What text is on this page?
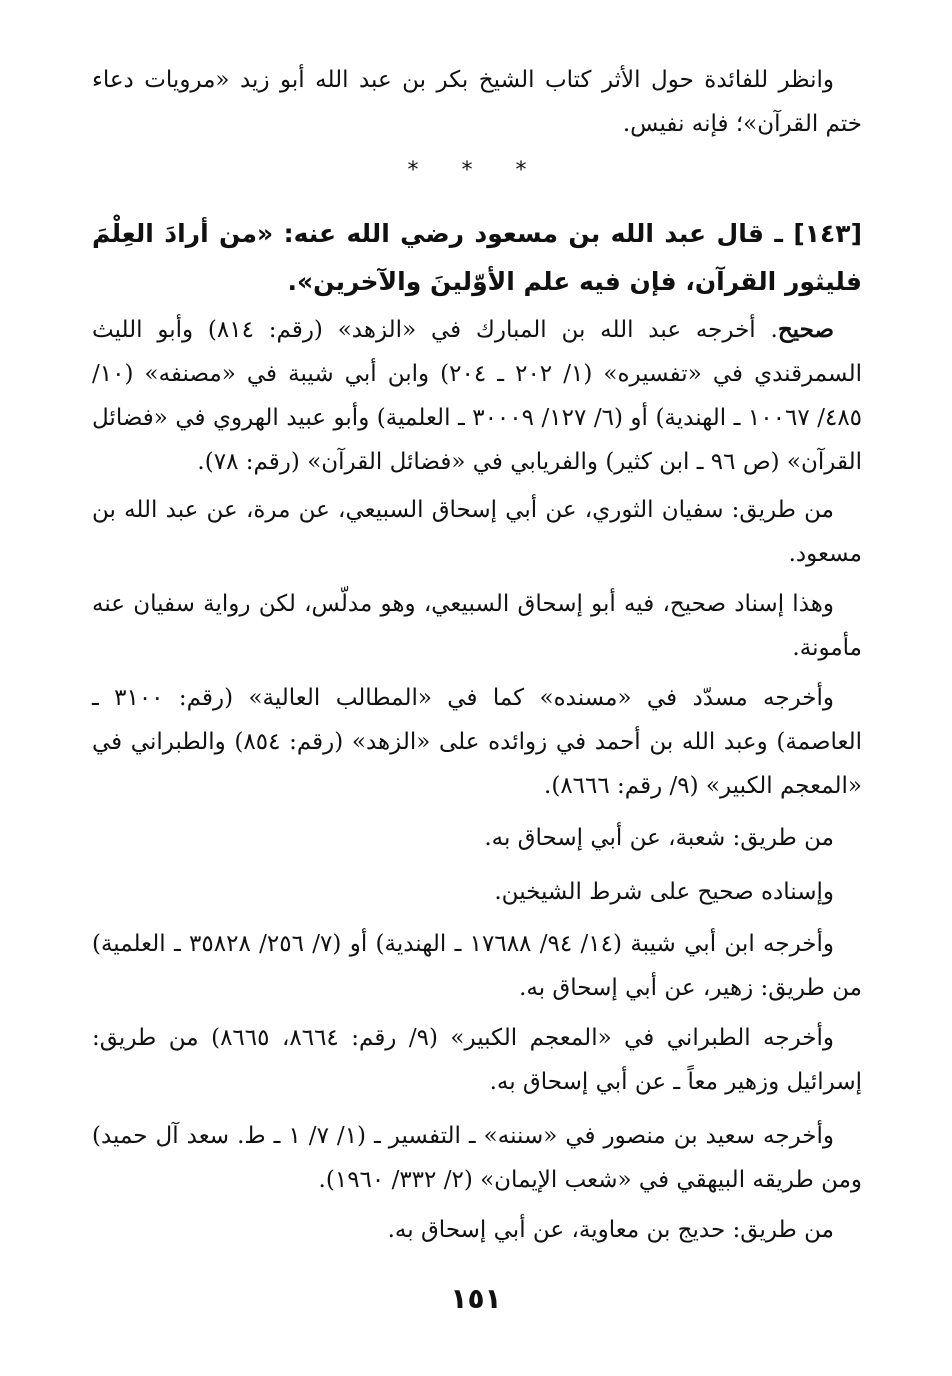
وانظر للفائدة حول الأثر كتاب الشيخ بكر بن عبد الله أبو زيد «مرويات دعاء ختم القرآن»؛ فإنه نفيس.

* * *

[١٤٣] ـ قال عبد الله بن مسعود رضي الله عنه: «من أرادَ العِلْمَ فليثور القرآن، فإن فيه علم الأوّلينَ والآخرين».

صحيح. أخرجه عبد الله بن المبارك في «الزهد» (رقم: ٨١٤) وأبو الليث السمرقندي في «تفسيره» (١/ ٢٠٢ ـ ٢٠٤) وابن أبي شيبة في «مصنفه» (١٠/ ٤٨٥/ ١٠٠٦٧ ـ الهندية) أو (٦/ ١٢٧/ ٣٠٠٠٩ ـ العلمية) وأبو عبيد الهروي في «فضائل القرآن» (ص ٩٦ ـ ابن كثير) والفريابي في «فضائل القرآن» (رقم: ٧٨).

من طريق: سفيان الثوري، عن أبي إسحاق السبيعي، عن مرة، عن عبد الله بن مسعود.

وهذا إسناد صحيح، فيه أبو إسحاق السبيعي، وهو مدلّس، لكن رواية سفيان عنه مأمونة.

وأخرجه مسدّد في «مسنده» كما في «المطالب العالية» (رقم: ٣١٠٠ ـ العاصمة) وعبد الله بن أحمد في زوائده على «الزهد» (رقم: ٨٥٤) والطبراني في «المعجم الكبير» (٩/ رقم: ٨٦٦٦).

من طريق: شعبة، عن أبي إسحاق به.

وإسناده صحيح على شرط الشيخين.

وأخرجه ابن أبي شيبة (١٤/ ٩٤/ ١٧٦٨٨ ـ الهندية) أو (٧/ ٢٥٦/ ٣٥٨٢٨ ـ العلمية) من طريق: زهير، عن أبي إسحاق به.

وأخرجه الطبراني في «المعجم الكبير» (٩/ رقم: ٨٦٦٤، ٨٦٦٥) من طريق: إسرائيل وزهير معاً ـ عن أبي إسحاق به.

وأخرجه سعيد بن منصور في «سننه» ـ التفسير ـ (١/ ٧/ ١ ـ ط. سعد آل حميد) ومن طريقه البيهقي في «شعب الإيمان» (٢/ ٣٣٢/ ١٩٦٠).

من طريق: حديج بن معاوية، عن أبي إسحاق به.

١٥١
